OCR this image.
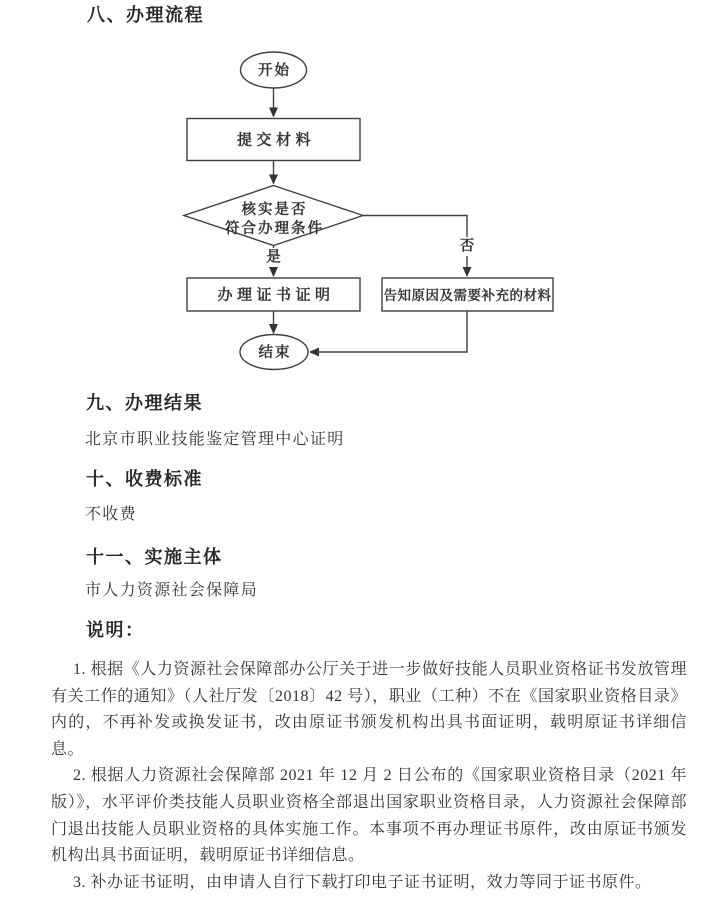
八、办理流程
开始
提交材料
核实是否
符合办理条件
是
否
办理证书证明	告知原因及需要补充的材料
结束
九、办理结果

北京市职业技能鉴定管理中心证明

十、收费标准

不收费

十一、实施主体

市人力资源社会保障局

说明：

1. 根据《人力资源社会保障部办公厅关于进一步做好技能人员职业资格证书发放管理有关工作的通知》（人社厅发〔2018〕42 号），职业（工种）不在《国家职业资格目录》内的，不再补发或换发证书，改由原证书颁发机构出具书面证明，载明原证书详细信息。

2. 根据人力资源社会保障部 2021 年 12 月 2 日公布的《国家职业资格目录（2021 年版）》，水平评价类技能人员职业资格全部退出国家职业资格目录，人力资源社会保障部门退出技能人员职业资格的具体实施工作。本事项不再办理证书原件，改由原证书颁发机构出具书面证明，载明原证书详细信息。

3. 补办证书证明，由申请人自行下载打印电子证书证明，效力等同于证书原件。
